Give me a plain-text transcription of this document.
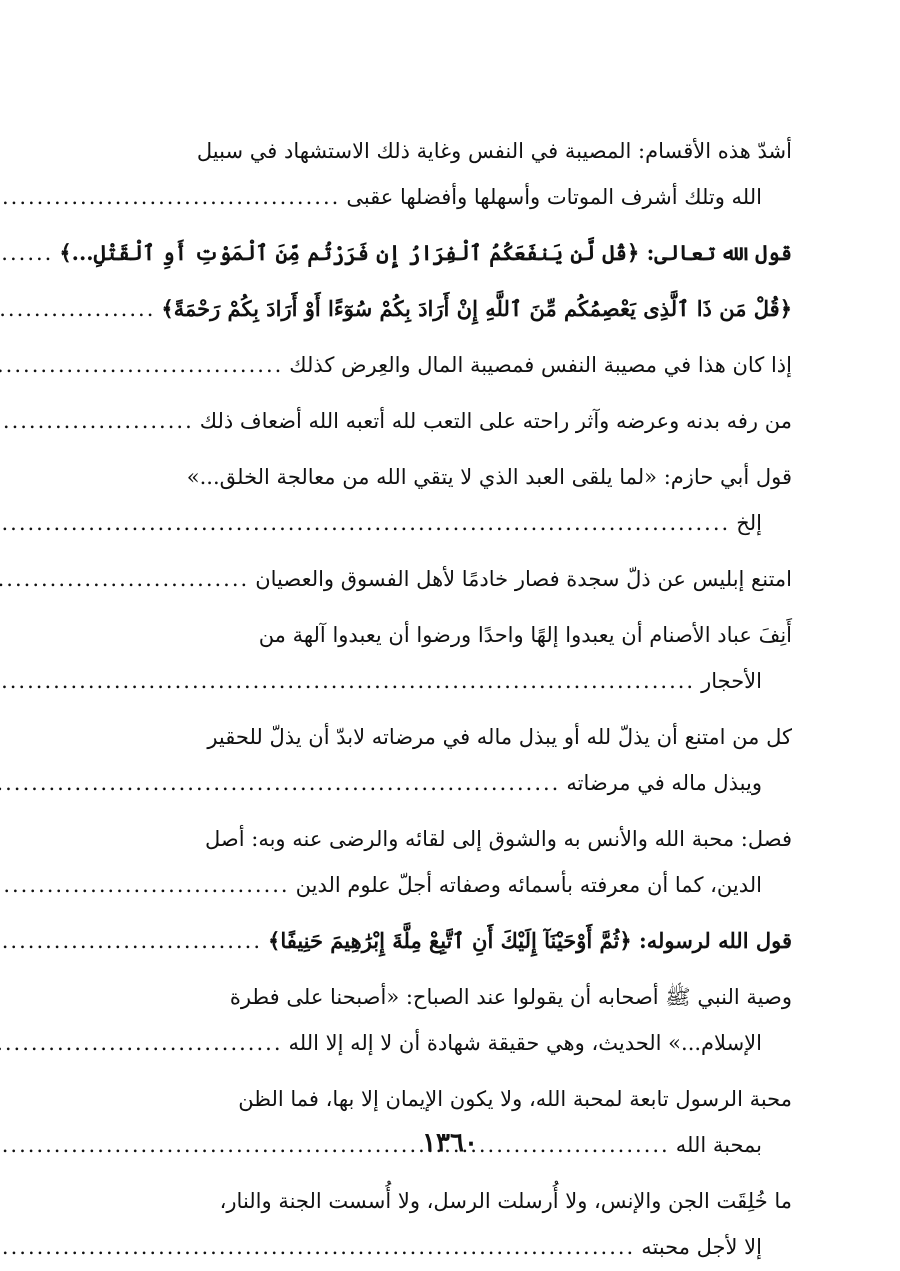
أشدّ هذه الأقسام: المصيبة في النفس وغاية ذلك الاستشهاد في سبيل
الله وتلك أشرف الموتات وأسهلها وأفضلها عقبى
.....
قول الله تعالى: ﴿قُل لَّن يَنفَعَكُمُ ٱلْفِرَارُ إِن فَرَرْتُم مِّنَ ٱلْمَوْتِ أَوِ ٱلْقَتْلِ...﴾
.....
﴿قُلْ مَن ذَا ٱلَّذِى يَعْصِمُكُم مِّنَ ٱللَّهِ إِنْ أَرَادَ بِكُمْ سُوٓءًا أَوْ أَرَادَ بِكُمْ رَحْمَةً﴾
.....
إذا كان هذا في مصيبة النفس فمصيبة المال والعِرض كذلك
.....
من رفه بدنه وعرضه وآثر راحته على التعب لله أتعبه الله أضعاف ذلك
.....
قول أبي حازم: «لما يلقى العبد الذي لا يتقي الله من معالجة الخلق...»
إلخ
.....
امتنع إبليس عن ذلّ سجدة فصار خادمًا لأهل الفسوق والعصيان
.....
أَنِفَ عباد الأصنام أن يعبدوا إلهًا واحدًا ورضوا أن يعبدوا آلهة من
الأحجار
.....
كل من امتنع أن يذلّ لله أو يبذل ماله في مرضاته لابدّ أن يذلّ للحقير
ويبذل ماله في مرضاته
.....
فصل: محبة الله والأنس به والشوق إلى لقائه والرضى عنه وبه: أصل
الدين، كما أن معرفته بأسمائه وصفاته أجلّ علوم الدين
.....
قول الله لرسوله: ﴿ثُمَّ أَوْحَيْنَآ إِلَيْكَ أَنِ ٱتَّبِعْ مِلَّةَ إِبْرَٰهِيمَ حَنِيفًا﴾
.....
وصية النبي ﷺ أصحابه أن يقولوا عند الصباح: «أصبحنا على فطرة
الإسلام...» الحديث، وهي حقيقة شهادة أن لا إله إلا الله
.....
محبة الرسول تابعة لمحبة الله، ولا يكون الإيمان إلا بها، فما الظن
بمحبة الله
.....
ما خُلِقَت الجن والإنس، ولا أُرسلت الرسل، ولا أُسست الجنة والنار،
إلا لأجل محبته
.....
١٣٦٠
